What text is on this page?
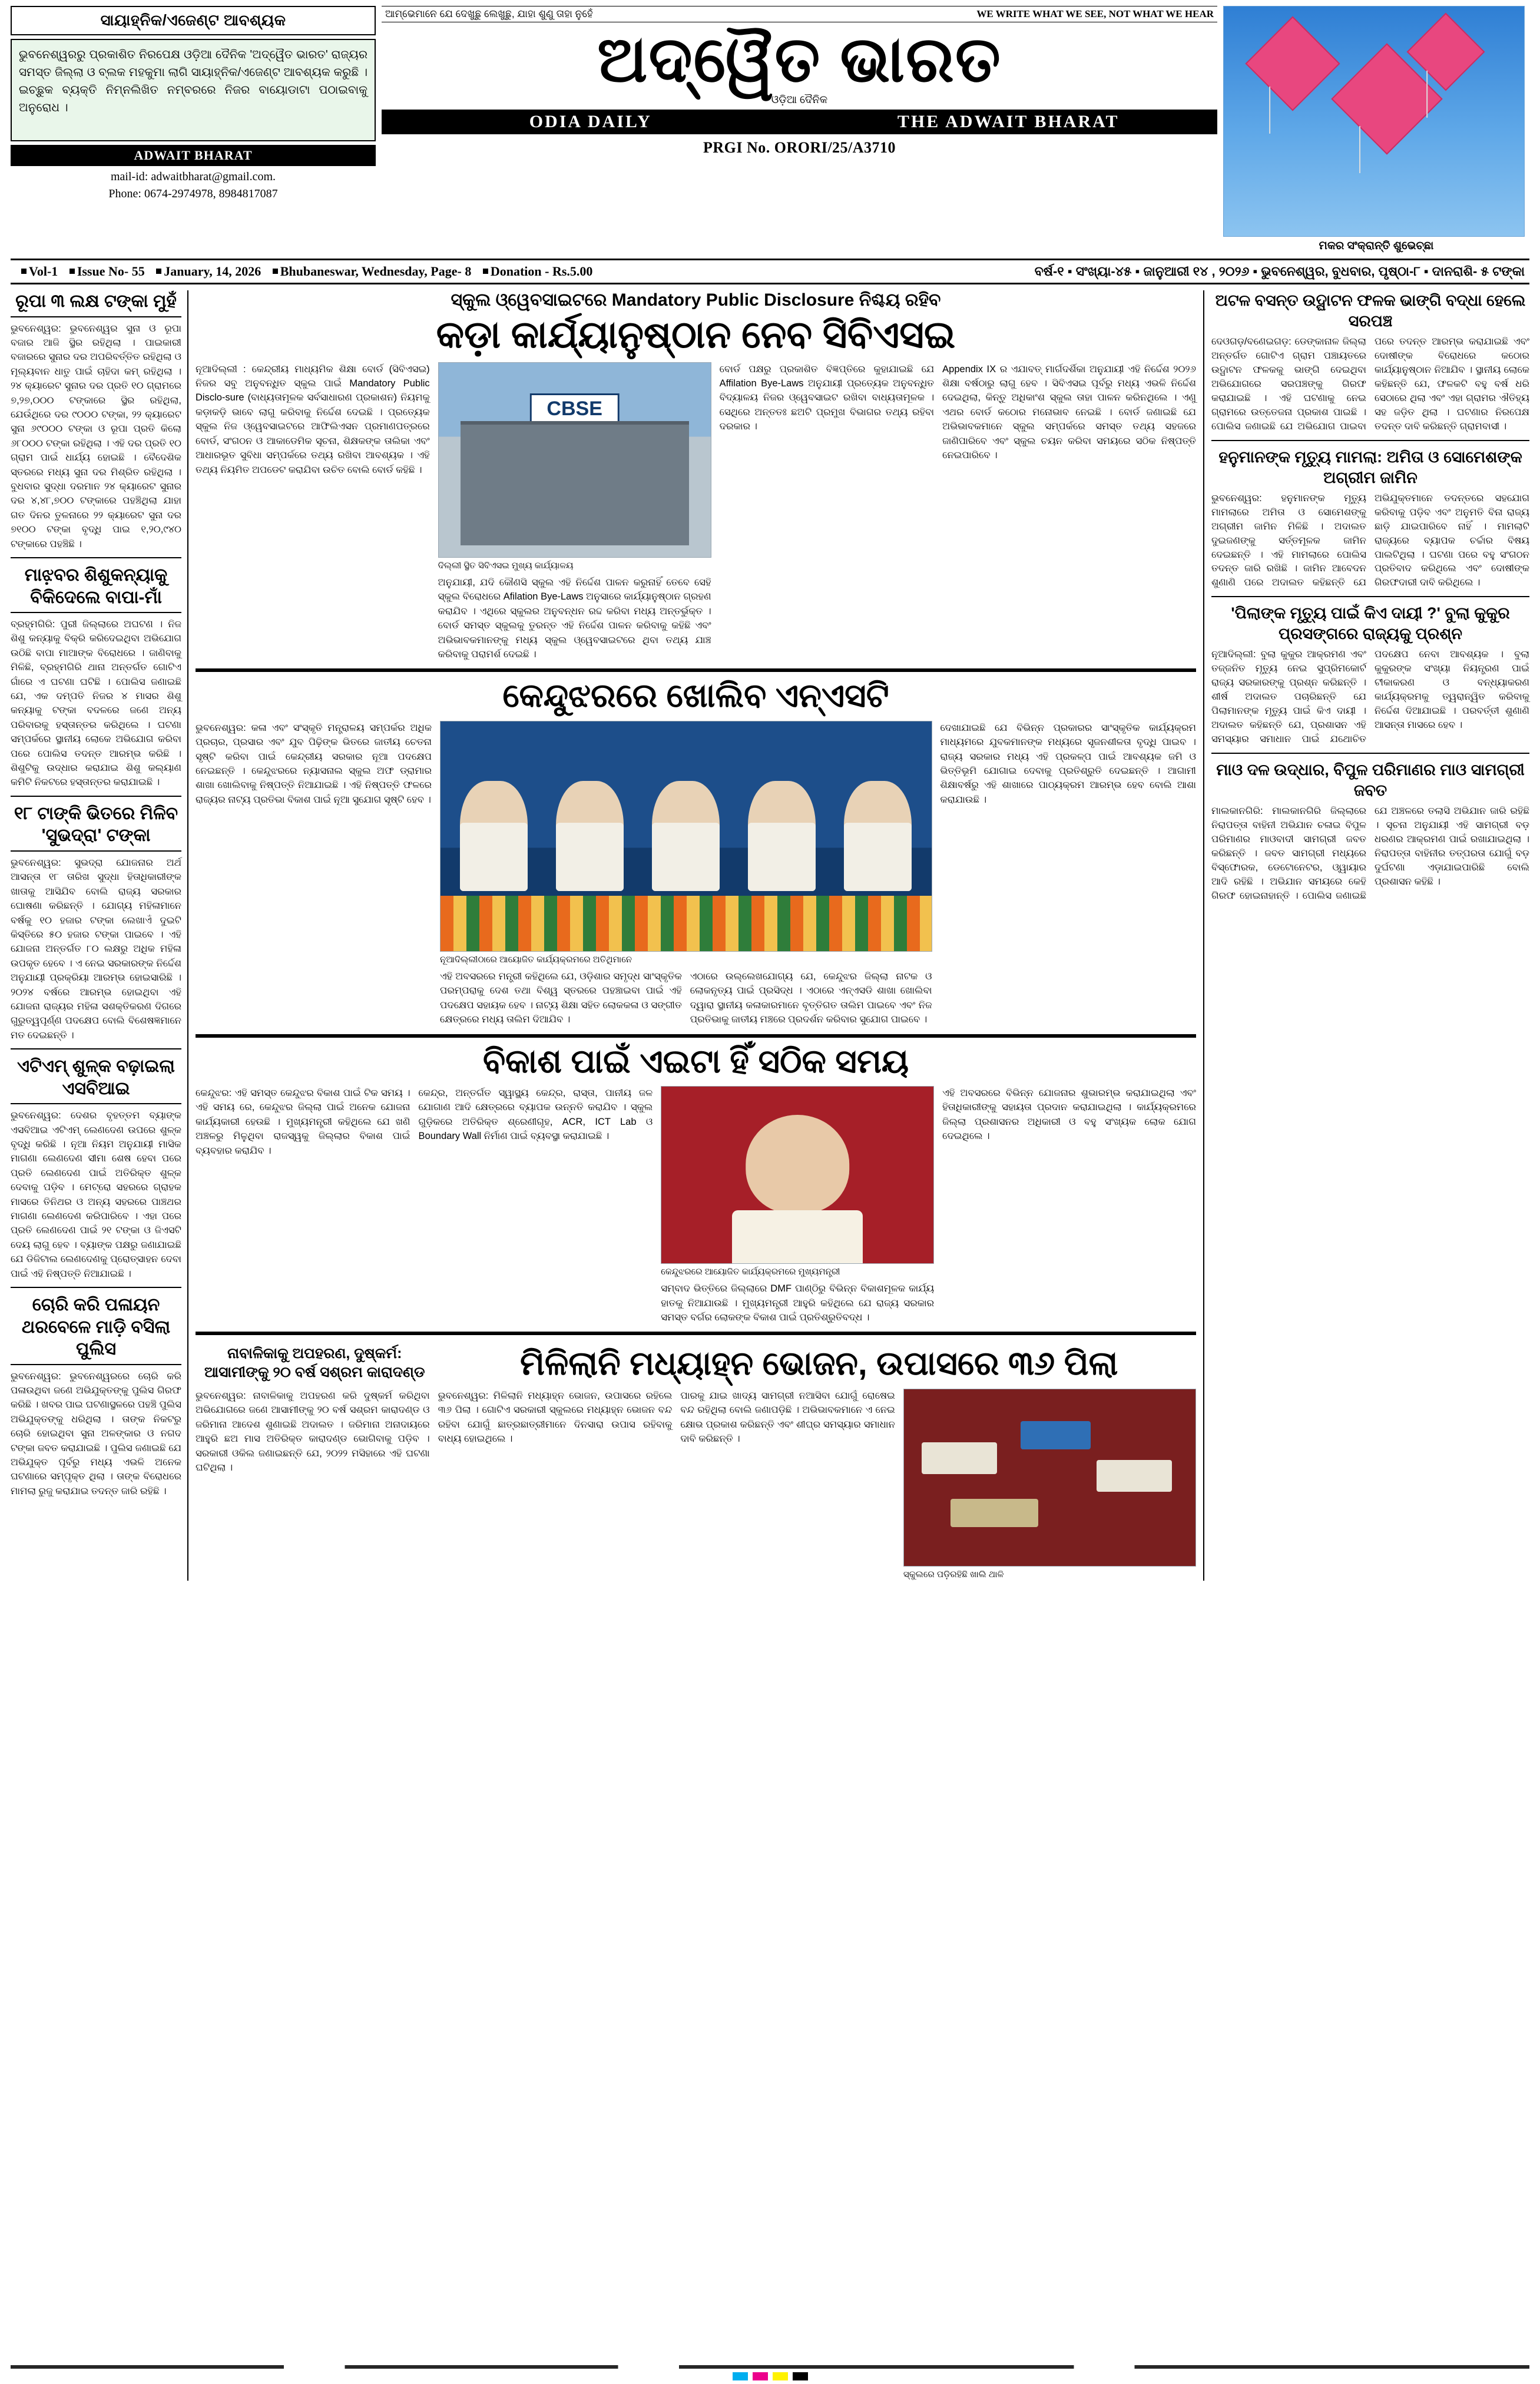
ସାୟାହ୍ନିକ/ଏଜେଣ୍ଟ ଆବଶ୍ୟକ
ଭୁବନେଶ୍ୱରରୁ ପ୍ରକାଶିତ ନିରପେକ୍ଷ ଓଡ଼ିଆ ଦୈନିକ 'ଅଦ୍ୱୈତ ଭାରତ' ରାଜ୍ୟର ସମସ୍ତ ଜିଲ୍ଲା ଓ ବ୍ଲକ ମହକୁମା ଲାଗି ସାୟାହ୍ନିକ/ଏଜେଣ୍ଟ ଆବଶ୍ୟକ କରୁଛି । ଇଚ୍ଛୁକ ବ୍ୟକ୍ତି ନିମ୍ନଲିଖିତ ନମ୍ବରରେ ନିଜର ବାୟୋଡାଟା ପଠାଇବାକୁ ଅନୁରୋଧ ।
ADWAIT BHARAT
mail-id: adwaitbharat@gmail.com.
Phone: 0674-2974978, 8984817087
ଆମ୍ଭେମାନେ ଯେ ଦେଖୁଛୁ ଲେଖୁଛୁ, ଯାହା ଶୁଣୁ ତାହା ନୁହେଁ	WE WRITE WHAT WE SEE, NOT WHAT WE HEAR
ଅଦ୍ୱୈତ ଭାରତ
ଓଡ଼ିଆ ଦୈନିକ
ODIA DAILY	THE ADWAIT BHARAT
PRGI No. ORORI/25/A3710
ମକର ସଂକ୍ରାନ୍ତି ଶୁଭେଚ୍ଛା
Vol-1 Issue No- 55 January, 14, 2026 Bhubaneswar, Wednesday, Page- 8 Donation - Rs.5.00	ବର୍ଷ-୧ ▪ ସଂଖ୍ୟା-୪୫ ▪ ଜାନୁଆରୀ ୧୪ , ୨୦୨୬ ▪ ଭୁବନେଶ୍ୱର, ବୁଧବାର, ପୃଷ୍ଠା-୮ ▪ ଦାନରାଶି- ୫ ଟଙ୍କା
ରୂପା ୩ ଲକ୍ଷ ଟଙ୍କା ମୁହଁ
ଭୁବନେଶ୍ୱର: ଭୁବନେଶ୍ୱର ସୁନା ଓ ରୂପା ବଜାର ଆଜି ସ୍ଥିର ରହିଥିଲା । ପାଇକାରୀ ବଜାରରେ ସୁନାର ଦର ଅପରିବର୍ତ୍ତିତ ରହିଥିଲା ଓ ମୂଲ୍ୟବାନ ଧାତୁ ପାଇଁ ଚାହିଦା କମ୍ ରହିଥିଲା । ୨୪ କ୍ୟାରେଟ ସୁନାର ଦର ପ୍ରତି ୧୦ ଗ୍ରାମରେ ୭,୨୭,୦୦୦ ଟଙ୍କାରେ ସ୍ଥିର ରହିଥିଲା, ଯେଉଁଥିରେ ଦର ୯୦୦୦ ଟଙ୍କା, ୨୨ କ୍ୟାରେଟ ସୁନା ୬୯୦୦୦ ଟଙ୍କା ଓ ରୂପା ପ୍ରତି କିଲୋ ୬୮୦୦୦ ଟଙ୍କା ରହିଥିଲା । ଏହି ଦର ପ୍ରତି ୧୦ ଗ୍ରାମ ପାଇଁ ଧାର୍ଯ୍ୟ ହୋଇଛି । ବୈଦେଶିକ ସ୍ତରରେ ମଧ୍ୟ ସୁନା ଦର ମିଶ୍ରିତ ରହିଥିଲା । ବୁଧବାର ସୁଦ୍ଧା ଦରମାନ ୨୪ କ୍ୟାରେଟ ସୁନାର ଦର ୪,୪୮,୭୦୦ ଟଙ୍କାରେ ପହଞ୍ଚିଥିଲା ଯାହା ଗତ ଦିନର ତୁଳନାରେ ୨୨ କ୍ୟାରେଟ ସୁନା ଦର ୭୧୦୦ ଟଙ୍କା ବୃଦ୍ଧି ପାଇ ୧,୨୦,୯୪୦ ଟଙ୍କାରେ ପହଞ୍ଚିଛି ।
ମାଝ଼ବର ଶିଶୁକନ୍ୟାକୁ ବିକିଦେଲେ ବାପା-ମାଁ
ବ୍ରହ୍ମଗିରି: ପୁରୀ ଜିଲ୍ଲାରେ ଅଘଟଣ । ନିଜ ଶିଶୁ କନ୍ୟାକୁ ବିକ୍ରି କରିଦେଇଥିବା ଅଭିଯୋଗ ଉଠିଛି ବାପା ମାଆଙ୍କ ବିରୋଧରେ । ଜାଣିବାକୁ ମିଳିଛି, ବ୍ରହ୍ମଗିରି ଥାନା ଅନ୍ତର୍ଗତ ଗୋଟିଏ ଗାଁରେ ଏ ଘଟଣା ଘଟିଛି । ପୋଲିସ ଜଣାଇଛି ଯେ, ଏକ ଦମ୍ପତି ନିଜର ୪ ମାସର ଶିଶୁ କନ୍ୟାକୁ ଟଙ୍କା ବଦଳରେ ଜଣେ ଅନ୍ୟ ପରିବାରକୁ ହସ୍ତାନ୍ତର କରିଥିଲେ । ଘଟଣା ସମ୍ପର୍କରେ ସ୍ଥାନୀୟ ଲୋକେ ଅଭିଯୋଗ କରିବା ପରେ ପୋଲିସ ତଦନ୍ତ ଆରମ୍ଭ କରିଛି । ଶିଶୁଟିକୁ ଉଦ୍ଧାର କରାଯାଇ ଶିଶୁ କଲ୍ୟାଣ କମିଟି ନିକଟରେ ହସ୍ତାନ୍ତର କରାଯାଇଛି ।
୧୮ ଟାଙ୍କି ଭିତରେ ମିଳିବ 'ସୁଭଦ୍ରା' ଟଙ୍କା
ଭୁବନେଶ୍ୱର: ସୁଭଦ୍ରା ଯୋଜନାର ଅର୍ଥ ଆସନ୍ତା ୧୮ ତାରିଖ ସୁଦ୍ଧା ହିତାଧିକାରୀଙ୍କ ଖାତାକୁ ଆସିଯିବ ବୋଲି ରାଜ୍ୟ ସରକାର ଘୋଷଣା କରିଛନ୍ତି । ଯୋଗ୍ୟ ମହିଳାମାନେ ବର୍ଷକୁ ୧୦ ହଜାର ଟଙ୍କା ଲେଖାଏଁ ଦୁଇଟି କିସ୍ତିରେ ୫୦ ହଜାର ଟଙ୍କା ପାଇବେ । ଏହି ଯୋଜନା ଅନ୍ତର୍ଗତ ୮୦ ଲକ୍ଷରୁ ଅଧିକ ମହିଳା ଉପକୃତ ହେବେ । ଏ ନେଇ ସରକାରଙ୍କ ନିର୍ଦ୍ଦେଶ ଅନୁଯାୟୀ ପ୍ରକ୍ରିୟା ଆରମ୍ଭ ହୋଇସାରିଛି । ୨୦୨୪ ବର୍ଷରେ ଆରମ୍ଭ ହୋଇଥିବା ଏହି ଯୋଜନା ରାଜ୍ୟର ମହିଳା ସଶକ୍ତିକରଣ ଦିଗରେ ଗୁରୁତ୍ୱପୂର୍ଣ୍ଣ ପଦକ୍ଷେପ ବୋଲି ବିଶେଷଜ୍ଞମାନେ ମତ ଦେଇଛନ୍ତି ।
ଏଟିଏମ୍ ଶୁଳ୍କ ବଢ଼ାଇଲା ଏସବିଆଇ
ଭୁବନେଶ୍ୱର: ଦେଶର ବୃହତ୍ତମ ବ୍ୟାଙ୍କ ଏସବିଆଇ ଏଟିଏମ୍ ଲେଣଦେଣ ଉପରେ ଶୁଳ୍କ ବୃଦ୍ଧି କରିଛି । ନୂଆ ନିୟମ ଅନୁଯାୟୀ ମାସିକ ମାଗଣା ଲେଣଦେଣ ସୀମା ଶେଷ ହେବା ପରେ ପ୍ରତି ଲେଣଦେଣ ପାଇଁ ଅତିରିକ୍ତ ଶୁଳ୍କ ଦେବାକୁ ପଡ଼ିବ । ମେଟ୍ରୋ ସହରରେ ଗ୍ରାହକ ମାସରେ ତିନିଥର ଓ ଅନ୍ୟ ସହରରେ ପାଞ୍ଚଥର ମାଗଣା ଲେଣଦେଣ କରିପାରିବେ । ଏହା ପରେ ପ୍ରତି ଲେଣଦେଣ ପାଇଁ ୨୧ ଟଙ୍କା ଓ ଜିଏସଟି ଦେୟ ଲାଗୁ ହେବ । ବ୍ୟାଙ୍କ ପକ୍ଷରୁ ଜଣାଯାଇଛି ଯେ ଡିଜିଟାଲ ଲେଣଦେଣକୁ ପ୍ରୋତ୍ସାହନ ଦେବା ପାଇଁ ଏହି ନିଷ୍ପତ୍ତି ନିଆଯାଇଛି ।
ଚୋରି କରି ପଳାୟନ ଥରବେଳେ ମାଡି଼ ବସିଲା ପୁଲିସ
ଭୁବନେଶ୍ୱର: ଭୁବନେଶ୍ୱରରେ ଚୋରି କରି ପଳାଉଥିବା ଜଣେ ଅଭିଯୁକ୍ତଙ୍କୁ ପୁଲିସ ଗିରଫ କରିଛି । ଖବର ପାଇ ଘଟଣାସ୍ଥଳରେ ପହଞ୍ଚି ପୁଲିସ ଅଭିଯୁକ୍ତଙ୍କୁ ଧରିଥିଲା । ତାଙ୍କ ନିକଟରୁ ଚୋରି ହୋଇଥିବା ସୁନା ଅଳଙ୍କାର ଓ ନଗଦ ଟଙ୍କା ଜବତ କରାଯାଇଛି । ପୁଲିସ ଜଣାଇଛି ଯେ ଅଭିଯୁକ୍ତ ପୂର୍ବରୁ ମଧ୍ୟ ଏଭଳି ଅନେକ ଘଟଣାରେ ସମ୍ପୃକ୍ତ ଥିଲା । ତାଙ୍କ ବିରୋଧରେ ମାମଲା ରୁଜୁ କରାଯାଇ ତଦନ୍ତ ଜାରି ରହିଛି ।
ସ୍କୁଲ ଓ୍ୱେବସାଇଟରେ Mandatory Public Disclosure ନିଶ୍ଚୟ ରହିବ
କଡ଼ା କାର୍ଯ୍ୟାନୁଷ୍ଠାନ ନେବ ସିବିଏସଇ
ନୂଆଦିଲ୍ଲୀ : କେନ୍ଦ୍ରୀୟ ମାଧ୍ୟମିକ ଶିକ୍ଷା ବୋର୍ଡ (ସିବିଏସଇ) ନିଜର ସବୁ ଅନୁବନ୍ଧିତ ସ୍କୁଲ ପାଇଁ Mandatory Public Disclo-sure (ବାଧ୍ୟତାମୂଳକ ସର୍ବସାଧାରଣ ପ୍ରକାଶନ) ନିୟମକୁ କଡ଼ାକଡ଼ି ଭାବେ ଲାଗୁ କରିବାକୁ ନିର୍ଦ୍ଦେଶ ଦେଇଛି । ପ୍ରତ୍ୟେକ ସ୍କୁଲ ନିଜ ଓ୍ୱେବସାଇଟରେ ଆଫିଲିଏସନ ପ୍ରମାଣପତ୍ରରେ ବୋର୍ଡ, ସଂଗଠନ ଓ ଆକାଡେମିକ ସୂଚନା, ଶିକ୍ଷକଙ୍କ ତାଲିକା ଏବଂ ଆଧାରଭୂତ ସୁବିଧା ସମ୍ପର୍କରେ ତଥ୍ୟ ରଖିବା ଆବଶ୍ୟକ । ଏହି ତଥ୍ୟ ନିୟମିତ ଅପଡେଟ କରାଯିବା ଉଚିତ ବୋଲି ବୋର୍ଡ କହିଛି ।
CBSE
ଦିଲ୍ଲୀ ସ୍ଥିତ ସିବିଏସଇ ମୁଖ୍ୟ କାର୍ଯ୍ୟାଳୟ
ଅନୁଯାୟୀ, ଯଦି କୌଣସି ସ୍କୁଲ ଏହି ନିର୍ଦ୍ଦେଶ ପାଳନ କରୁନାହିଁ ତେବେ ସେହି ସ୍କୁଲ ବିରୋଧରେ Afilation Bye-Laws ଅନୁସାରେ କାର୍ଯ୍ୟାନୁଷ୍ଠାନ ଗ୍ରହଣ କରାଯିବ । ଏଥିରେ ସ୍କୁଲର ଅନୁବନ୍ଧନ ରଦ୍ଦ କରିବା ମଧ୍ୟ ଅନ୍ତର୍ଭୁକ୍ତ । ବୋର୍ଡ ସମସ୍ତ ସ୍କୁଲକୁ ତୁରନ୍ତ ଏହି ନିର୍ଦ୍ଦେଶ ପାଳନ କରିବାକୁ କହିଛି ଏବଂ ଅଭିଭାବକମାନଙ୍କୁ ମଧ୍ୟ ସ୍କୁଲ ଓ୍ୱେବସାଇଟରେ ଥିବା ତଥ୍ୟ ଯାଞ୍ଚ କରିବାକୁ ପରାମର୍ଶ ଦେଇଛି ।
ବୋର୍ଡ ପକ୍ଷରୁ ପ୍ରକାଶିତ ବିଜ୍ଞପ୍ତିରେ କୁହାଯାଇଛି ଯେ Affilation Bye-Laws ଅନୁଯାୟୀ ପ୍ରତ୍ୟେକ ଅନୁବନ୍ଧିତ ବିଦ୍ୟାଳୟ ନିଜର ଓ୍ୱେବସାଇଟ ରଖିବା ବାଧ୍ୟତାମୂଳକ । ସେଥିରେ ଅନ୍ତତଃ ଛଅଟି ପ୍ରମୁଖ ବିଭାଗର ତଥ୍ୟ ରହିବା ଦରକାର ।
Appendix IX ର ଏଯାବତ୍ ମାର୍ଗଦର୍ଶିକା ଅନୁଯାୟୀ ଏହି ନିର୍ଦ୍ଦେଶ ୨୦୨୬ ଶିକ୍ଷା ବର୍ଷଠାରୁ ଲାଗୁ ହେବ । ସିବିଏସଇ ପୂର୍ବରୁ ମଧ୍ୟ ଏଭଳି ନିର୍ଦ୍ଦେଶ ଦେଇଥିଲା, କିନ୍ତୁ ଅଧିକାଂଶ ସ୍କୁଲ ତାହା ପାଳନ କରିନଥିଲେ । ଏଣୁ ଏଥର ବୋର୍ଡ କଠୋର ମନୋଭାବ ନେଇଛି । ବୋର୍ଡ ଜଣାଇଛି ଯେ ଅଭିଭାବକମାନେ ସ୍କୁଲ ସମ୍ପର୍କରେ ସମସ୍ତ ତଥ୍ୟ ସହଜରେ ଜାଣିପାରିବେ ଏବଂ ସ୍କୁଲ ଚୟନ କରିବା ସମୟରେ ସଠିକ ନିଷ୍ପତ୍ତି ନେଇପାରିବେ ।
କେନ୍ଦୁଝରରେ ଖୋଲିବ ଏନ୍ଏସଟି
ଭୁବନେଶ୍ୱର: କଳା ଏବଂ ସଂସ୍କୃତି ମନ୍ତ୍ରାଳୟ ସମ୍ପର୍କର ଅଧିକ ପ୍ରଚାର, ପ୍ରସାର ଏବଂ ଯୁବ ପିଢ଼ିଙ୍କ ଭିତରେ ଜାତୀୟ ଚେତନା ସୃଷ୍ଟି କରିବା ପାଇଁ କେନ୍ଦ୍ରୀୟ ସରକାର ନୂଆ ପଦକ୍ଷେପ ନେଇଛନ୍ତି । କେନ୍ଦୁଝରରେ ନ୍ୟାସନାଲ ସ୍କୁଲ ଅଫ ଡ୍ରାମାର ଶାଖା ଖୋଲିବାକୁ ନିଷ୍ପତ୍ତି ନିଆଯାଇଛି । ଏହି ନିଷ୍ପତ୍ତି ଫଳରେ ରାଜ୍ୟର ନାଟ୍ୟ ପ୍ରତିଭା ବିକାଶ ପାଇଁ ନୂଆ ସୁଯୋଗ ସୃଷ୍ଟି ହେବ ।
ନୂଆଦିଲ୍ଲୀଠାରେ ଆୟୋଜିତ କାର୍ଯ୍ୟକ୍ରମରେ ଅତିଥିମାନେ
ଏହି ଅବସରରେ ମନ୍ତ୍ରୀ କହିଥିଲେ ଯେ, ଓଡ଼ିଶାର ସମୃଦ୍ଧ ସାଂସ୍କୃତିକ ପରମ୍ପରାକୁ ଦେଶ ତଥା ବିଶ୍ୱ ସ୍ତରରେ ପହଞ୍ଚାଇବା ପାଇଁ ଏହି ପଦକ୍ଷେପ ସହାୟକ ହେବ । ନାଟ୍ୟ ଶିକ୍ଷା ସହିତ ଲୋକକଳା ଓ ସଙ୍ଗୀତ କ୍ଷେତ୍ରରେ ମଧ୍ୟ ତାଲିମ ଦିଆଯିବ ।
ଏଠାରେ ଉଲ୍ଲେଖଯୋଗ୍ୟ ଯେ, କେନ୍ଦୁଝର ଜିଲ୍ଲା ନାଟକ ଓ ଲୋକନୃତ୍ୟ ପାଇଁ ପ୍ରସିଦ୍ଧ । ଏଠାରେ ଏନ୍ଏସଡି ଶାଖା ଖୋଲିବା ଦ୍ୱାରା ସ୍ଥାନୀୟ କଳାକାରମାନେ ବୃତ୍ତିଗତ ତାଲିମ ପାଇବେ ଏବଂ ନିଜ ପ୍ରତିଭାକୁ ଜାତୀୟ ମଞ୍ଚରେ ପ୍ରଦର୍ଶନ କରିବାର ସୁଯୋଗ ପାଇବେ ।
ଦେଖାଯାଇଛି ଯେ ବିଭିନ୍ନ ପ୍ରକାରର ସାଂସ୍କୃତିକ କାର୍ଯ୍ୟକ୍ରମ ମାଧ୍ୟମରେ ଯୁବକମାନଙ୍କ ମଧ୍ୟରେ ସୃଜନଶୀଳତା ବୃଦ୍ଧି ପାଇବ । ରାଜ୍ୟ ସରକାର ମଧ୍ୟ ଏହି ପ୍ରକଳ୍ପ ପାଇଁ ଆବଶ୍ୟକ ଜମି ଓ ଭିତ୍ତିଭୂମି ଯୋଗାଇ ଦେବାକୁ ପ୍ରତିଶ୍ରୁତି ଦେଇଛନ୍ତି । ଆଗାମୀ ଶିକ୍ଷାବର୍ଷରୁ ଏହି ଶାଖାରେ ପାଠ୍ୟକ୍ରମ ଆରମ୍ଭ ହେବ ବୋଲି ଆଶା କରାଯାଉଛି ।
ବିକାଶ ପାଇଁ ଏଇଟା ହିଁ ସଠିକ ସମୟ
କେନ୍ଦୁଝର: ଏହି ସମସ୍ତ କେନ୍ଦୁଝର ବିକାଶ ପାଇଁ ଟିକ ସମୟ । ଏହି ସମୟ ରେ, କେନ୍ଦୁଝର ଜିଲ୍ଲା ପାଇଁ ଅନେକ ଯୋଜନା କାର୍ଯ୍ୟକାରୀ ହେଉଛି । ମୁଖ୍ୟମନ୍ତ୍ରୀ କହିଥିଲେ ଯେ ଖଣି ଅଞ୍ଚଳରୁ ମିଳୁଥିବା ରାଜସ୍ୱକୁ ଜିଲ୍ଲାର ବିକାଶ ପାଇଁ ବ୍ୟବହାର କରାଯିବ ।
କେନ୍ଦ୍ର, ଅନ୍ତର୍ଗତ ସ୍ୱାସ୍ଥ୍ୟ କେନ୍ଦ୍ର, ରାସ୍ତା, ପାନୀୟ ଜଳ ଯୋଗାଣ ଆଦି କ୍ଷେତ୍ରରେ ବ୍ୟାପକ ଉନ୍ନତି କରାଯିବ । ସ୍କୁଲ ଗୁଡ଼ିକରେ ଅତିରିକ୍ତ ଶ୍ରେଣୀଗୃହ, ACR, ICT Lab ଓ Boundary Wall ନିର୍ମାଣ ପାଇଁ ବ୍ୟବସ୍ଥା କରାଯାଇଛି ।
କେନ୍ଦୁଝରରେ ଆୟୋଜିତ କାର୍ଯ୍ୟକ୍ରମରେ ମୁଖ୍ୟମନ୍ତ୍ରୀ
ସମ୍ବାଦ ଭିତ୍ତିରେ ଜିଲ୍ଲାରେ DMF ପାଣ୍ଠିରୁ ବିଭିନ୍ନ ବିକାଶମୂଳକ କାର୍ଯ୍ୟ ହାତକୁ ନିଆଯାଉଛି । ମୁଖ୍ୟମନ୍ତ୍ରୀ ଆହୁରି କହିଥିଲେ ଯେ ରାଜ୍ୟ ସରକାର ସମସ୍ତ ବର୍ଗର ଲୋକଙ୍କ ବିକାଶ ପାଇଁ ପ୍ରତିଶ୍ରୁତିବଦ୍ଧ ।
ଏହି ଅବସରରେ ବିଭିନ୍ନ ଯୋଜନାର ଶୁଭାରମ୍ଭ କରାଯାଇଥିଲା ଏବଂ ହିତାଧିକାରୀଙ୍କୁ ସହାୟତା ପ୍ରଦାନ କରାଯାଇଥିଲା । କାର୍ଯ୍ୟକ୍ରମରେ ଜିଲ୍ଲା ପ୍ରଶାସନର ଅଧିକାରୀ ଓ ବହୁ ସଂଖ୍ୟକ ଲୋକ ଯୋଗ ଦେଇଥିଲେ ।
ନାବାଳିକାକୁ ଅପହରଣ, ଦୁଷ୍କର୍ମ: ଆସାମୀଙ୍କୁ ୨୦ ବର୍ଷ ସଶ୍ରମ କାରାଦଣ୍ଡ	ମିଳିଲାନି ମଧ୍ୟାହ୍ନ ଭୋଜନ, ଉପାସରେ ୩୬ ପିଲା
ଭୁବନେଶ୍ୱର: ନାବାଳିକାକୁ ଅପହରଣ କରି ଦୁଷ୍କର୍ମ କରିଥିବା ଅଭିଯୋଗରେ ଜଣେ ଆସାମୀଙ୍କୁ ୨୦ ବର୍ଷ ସଶ୍ରମ କାରାଦଣ୍ଡ ଓ ଜରିମାନା ଆଦେଶ ଶୁଣାଇଛି ଅଦାଲତ । ଜରିମାନା ଅନାଦାୟରେ ଆହୁରି ଛଅ ମାସ ଅତିରିକ୍ତ କାରାଦଣ୍ଡ ଭୋଗିବାକୁ ପଡ଼ିବ । ସରକାରୀ ଓକିଲ ଜଣାଇଛନ୍ତି ଯେ, ୨୦୨୨ ମସିହାରେ ଏହି ଘଟଣା ଘଟିଥିଲା ।
ଭୁବନେଶ୍ୱର: ମିଳିଲାନି ମଧ୍ୟାହ୍ନ ଭୋଜନ, ଉପାସରେ ରହିଲେ ୩୬ ପିଲା । ଗୋଟିଏ ସରକାରୀ ସ୍କୁଲରେ ମଧ୍ୟାହ୍ନ ଭୋଜନ ବନ୍ଦ ରହିବା ଯୋଗୁଁ ଛାତ୍ରଛାତ୍ରୀମାନେ ଦିନସାରା ଉପାସ ରହିବାକୁ ବାଧ୍ୟ ହୋଇଥିଲେ ।
ପାରକୁ ଯାଇ ଖାଦ୍ୟ ସାମଗ୍ରୀ ନଆସିବା ଯୋଗୁଁ ରୋଷେଇ ବନ୍ଦ ରହିଥିଲା ବୋଲି ଜଣାପଡ଼ିଛି । ଅଭିଭାବକମାନେ ଏ ନେଇ କ୍ଷୋଭ ପ୍ରକାଶ କରିଛନ୍ତି ଏବଂ ଶୀଘ୍ର ସମସ୍ୟାର ସମାଧାନ ଦାବି କରିଛନ୍ତି ।
ସ୍କୁଲରେ ପଡ଼ିରହିଛି ଖାଲି ଥାଳି
ଅଟଳ ବସନ୍ତ ଉଦ୍ଘାଟନ ଫଳକ ଭାଙ୍ଗି ବଦ୍ଧା ହେଲେ ସରପଞ୍ଚ
ଦେଓଗଡ଼/ବଣେଇଗଡ଼: ଡେଙ୍କାନାଳ ଜିଲ୍ଲା ଅନ୍ତର୍ଗତ ଗୋଟିଏ ଗ୍ରାମ ପଞ୍ଚାୟତରେ ଉଦ୍ଘାଟନ ଫଳକକୁ ଭାଙ୍ଗି ଦେଇଥିବା ଅଭିଯୋଗରେ ସରପଞ୍ଚଙ୍କୁ ଗିରଫ କରାଯାଇଛି । ଏହି ଘଟଣାକୁ ନେଇ ଗ୍ରାମରେ ଉତ୍ତେଜନା ପ୍ରକାଶ ପାଇଛି । ପୋଲିସ ଜଣାଇଛି ଯେ ଅଭିଯୋଗ ପାଇବା ପରେ ତଦନ୍ତ ଆରମ୍ଭ କରାଯାଇଛି ଏବଂ ଦୋଷୀଙ୍କ ବିରୋଧରେ କଠୋର କାର୍ଯ୍ୟାନୁଷ୍ଠାନ ନିଆଯିବ । ସ୍ଥାନୀୟ ଲୋକେ କହିଛନ୍ତି ଯେ, ଫଳକଟି ବହୁ ବର୍ଷ ଧରି ସେଠାରେ ଥିଲା ଏବଂ ଏହା ଗ୍ରାମର ଐତିହ୍ୟ ସହ ଜଡ଼ିତ ଥିଲା । ଘଟଣାର ନିରପେକ୍ଷ ତଦନ୍ତ ଦାବି କରିଛନ୍ତି ଗ୍ରାମବାସୀ ।
ହନୁମାନଙ୍କ ମୃତ୍ୟୁ ମାମଲା: ଅମିତା ଓ ସୋମେଶଙ୍କ ଅଗ୍ରୀମ ଜାମିନ
ଭୁବନେଶ୍ୱର: ହନୁମାନଙ୍କ ମୃତ୍ୟୁ ମାମଲାରେ ଅମିତା ଓ ସୋମେଶଙ୍କୁ ଅଗ୍ରୀମ ଜାମିନ ମିଳିଛି । ଅଦାଲତ ଦୁଇଜଣଙ୍କୁ ସର୍ତ୍ତମୂଳକ ଜାମିନ ଦେଇଛନ୍ତି । ଏହି ମାମଲାରେ ପୋଲିସ ତଦନ୍ତ ଜାରି ରଖିଛି । ଜାମିନ ଆବେଦନ ଶୁଣାଣି ପରେ ଅଦାଲତ କହିଛନ୍ତି ଯେ ଅଭିଯୁକ୍ତମାନେ ତଦନ୍ତରେ ସହଯୋଗ କରିବାକୁ ପଡ଼ିବ ଏବଂ ଅନୁମତି ବିନା ରାଜ୍ୟ ଛାଡ଼ି ଯାଇପାରିବେ ନାହିଁ । ମାମଲାଟି ରାଜ୍ୟରେ ବ୍ୟାପକ ଚର୍ଚ୍ଚାର ବିଷୟ ପାଲଟିଥିଲା । ଘଟଣା ପରେ ବହୁ ସଂଗଠନ ପ୍ରତିବାଦ କରିଥିଲେ ଏବଂ ଦୋଷୀଙ୍କ ଗିରଫଦାରୀ ଦାବି କରିଥିଲେ ।
'ପିଲାଙ୍କ ମୃତ୍ୟୁ ପାଇଁ କିଏ ଦାୟୀ ?' ବୁଲା କୁକୁର ପ୍ରସଙ୍ଗରେ ରାଜ୍ୟକୁ ପ୍ରଶ୍ନ
ନୂଆଦିଲ୍ଲୀ: ବୁଲା କୁକୁର ଆକ୍ରମଣ ଏବଂ ତଜ୍ଜନିତ ମୃତ୍ୟୁ ନେଇ ସୁପ୍ରିମକୋର୍ଟ ରାଜ୍ୟ ସରକାରଙ୍କୁ ପ୍ରଶ୍ନ କରିଛନ୍ତି । ଶୀର୍ଷ ଅଦାଲତ ପଚାରିଛନ୍ତି ଯେ ପିଲାମାନଙ୍କ ମୃତ୍ୟୁ ପାଇଁ କିଏ ଦାୟୀ । ଅଦାଲତ କହିଛନ୍ତି ଯେ, ପ୍ରଶାସନ ଏହି ସମସ୍ୟାର ସମାଧାନ ପାଇଁ ଯଥୋଚିତ ପଦକ୍ଷେପ ନେବା ଆବଶ୍ୟକ । ବୁଲା କୁକୁରଙ୍କ ସଂଖ୍ୟା ନିୟନ୍ତ୍ରଣ ପାଇଁ ଟୀକାକରଣ ଓ ବନ୍ଧ୍ୟାକରଣ କାର୍ଯ୍ୟକ୍ରମକୁ ତ୍ୱରାନ୍ୱିତ କରିବାକୁ ନିର୍ଦ୍ଦେଶ ଦିଆଯାଇଛି । ପରବର୍ତ୍ତୀ ଶୁଣାଣି ଆସନ୍ତା ମାସରେ ହେବ ।
ମାଓ ଦଳ ଉଦ୍ଧାର, ବିପୁଳ ପରିମାଣର ମାଓ ସାମଗ୍ରୀ ଜବତ
ମାଲକାନଗିରି: ମାଲକାନଗିରି ଜିଲ୍ଲାରେ ନିରାପତ୍ତା ବାହିନୀ ଅଭିଯାନ ଚଳାଇ ବିପୁଳ ପରିମାଣର ମାଓବାଦୀ ସାମଗ୍ରୀ ଜବତ କରିଛନ୍ତି । ଜବତ ସାମଗ୍ରୀ ମଧ୍ୟରେ ବିସ୍ଫୋରକ, ଡେଟୋନେଟର, ଓ୍ୱାୟାର ଆଦି ରହିଛି । ଅଭିଯାନ ସମୟରେ କେହି ଗିରଫ ହୋଇନାହାନ୍ତି । ପୋଲିସ ଜଣାଇଛି ଯେ ଅଞ୍ଚଳରେ ତଲାସି ଅଭିଯାନ ଜାରି ରହିଛି । ସୂଚନା ଅନୁଯାୟୀ ଏହି ସାମଗ୍ରୀ ବଡ଼ ଧରଣର ଆକ୍ରମଣ ପାଇଁ ରଖାଯାଇଥିଲା । ନିରାପତ୍ତା ବାହିନୀର ତତ୍ପରତା ଯୋଗୁଁ ବଡ଼ ଦୁର୍ଘଟଣା ଏଡ଼ାଯାଇପାରିଛି ବୋଲି ପ୍ରଶାସନ କହିଛି ।
